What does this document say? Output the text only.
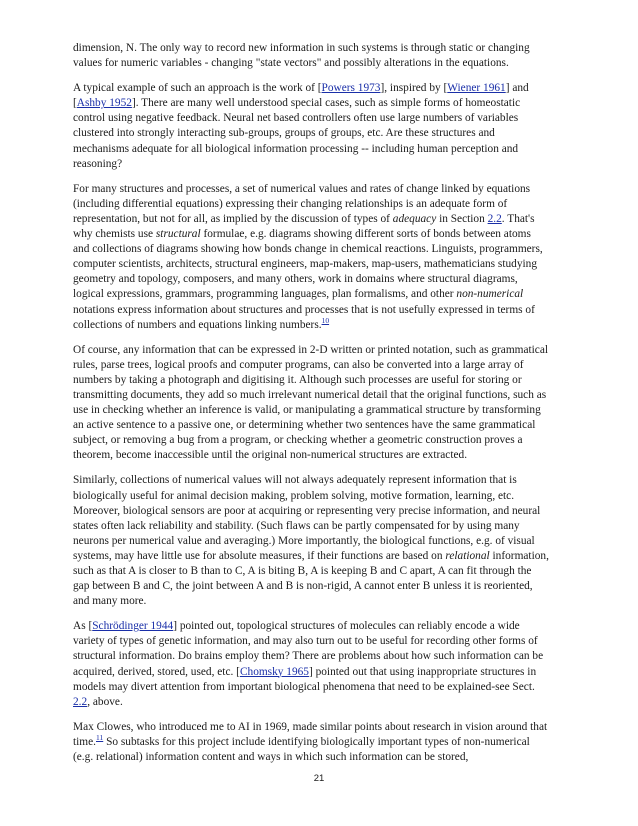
dimension, N. The only way to record new information in such systems is through static or changing values for numeric variables - changing "state vectors" and possibly alterations in the equations.

A typical example of such an approach is the work of [Powers 1973], inspired by [Wiener 1961] and [Ashby 1952]. There are many well understood special cases, such as simple forms of homeostatic control using negative feedback. Neural net based controllers often use large numbers of variables clustered into strongly interacting sub-groups, groups of groups, etc. Are these structures and mechanisms adequate for all biological information processing -- including human perception and reasoning?

For many structures and processes, a set of numerical values and rates of change linked by equations (including differential equations) expressing their changing relationships is an adequate form of representation, but not for all, as implied by the discussion of types of adequacy in Section 2.2. That's why chemists use structural formulae, e.g. diagrams showing different sorts of bonds between atoms and collections of diagrams showing how bonds change in chemical reactions. Linguists, programmers, computer scientists, architects, structural engineers, map-makers, map-users, mathematicians studying geometry and topology, composers, and many others, work in domains where structural diagrams, logical expressions, grammars, programming languages, plan formalisms, and other non-numerical notations express information about structures and processes that is not usefully expressed in terms of collections of numbers and equations linking numbers.$^{10}$

Of course, any information that can be expressed in 2-D written or printed notation, such as grammatical rules, parse trees, logical proofs and computer programs, can also be converted into a large array of numbers by taking a photograph and digitising it. Although such processes are useful for storing or transmitting documents, they add so much irrelevant numerical detail that the original functions, such as use in checking whether an inference is valid, or manipulating a grammatical structure by transforming an active sentence to a passive one, or determining whether two sentences have the same grammatical subject, or removing a bug from a program, or checking whether a geometric construction proves a theorem, become inaccessible until the original non-numerical structures are extracted.

Similarly, collections of numerical values will not always adequately represent information that is biologically useful for animal decision making, problem solving, motive formation, learning, etc. Moreover, biological sensors are poor at acquiring or representing very precise information, and neural states often lack reliability and stability. (Such flaws can be partly compensated for by using many neurons per numerical value and averaging.) More importantly, the biological functions, e.g. of visual systems, may have little use for absolute measures, if their functions are based on relational information, such as that A is closer to B than to C, A is biting B, A is keeping B and C apart, A can fit through the gap between B and C, the joint between A and B is non-rigid, A cannot enter B unless it is reoriented, and many more.

As [Schrödinger 1944] pointed out, topological structures of molecules can reliably encode a wide variety of types of genetic information, and may also turn out to be useful for recording other forms of structural information. Do brains employ them? There are problems about how such information can be acquired, derived, stored, used, etc. [Chomsky 1965] pointed out that using inappropriate structures in models may divert attention from important biological phenomena that need to be explained-see Sect. 2.2, above.

Max Clowes, who introduced me to AI in 1969, made similar points about research in vision around that time.$^{11}$ So subtasks for this project include identifying biologically important types of non-numerical (e.g. relational) information content and ways in which such information can be stored,

21
